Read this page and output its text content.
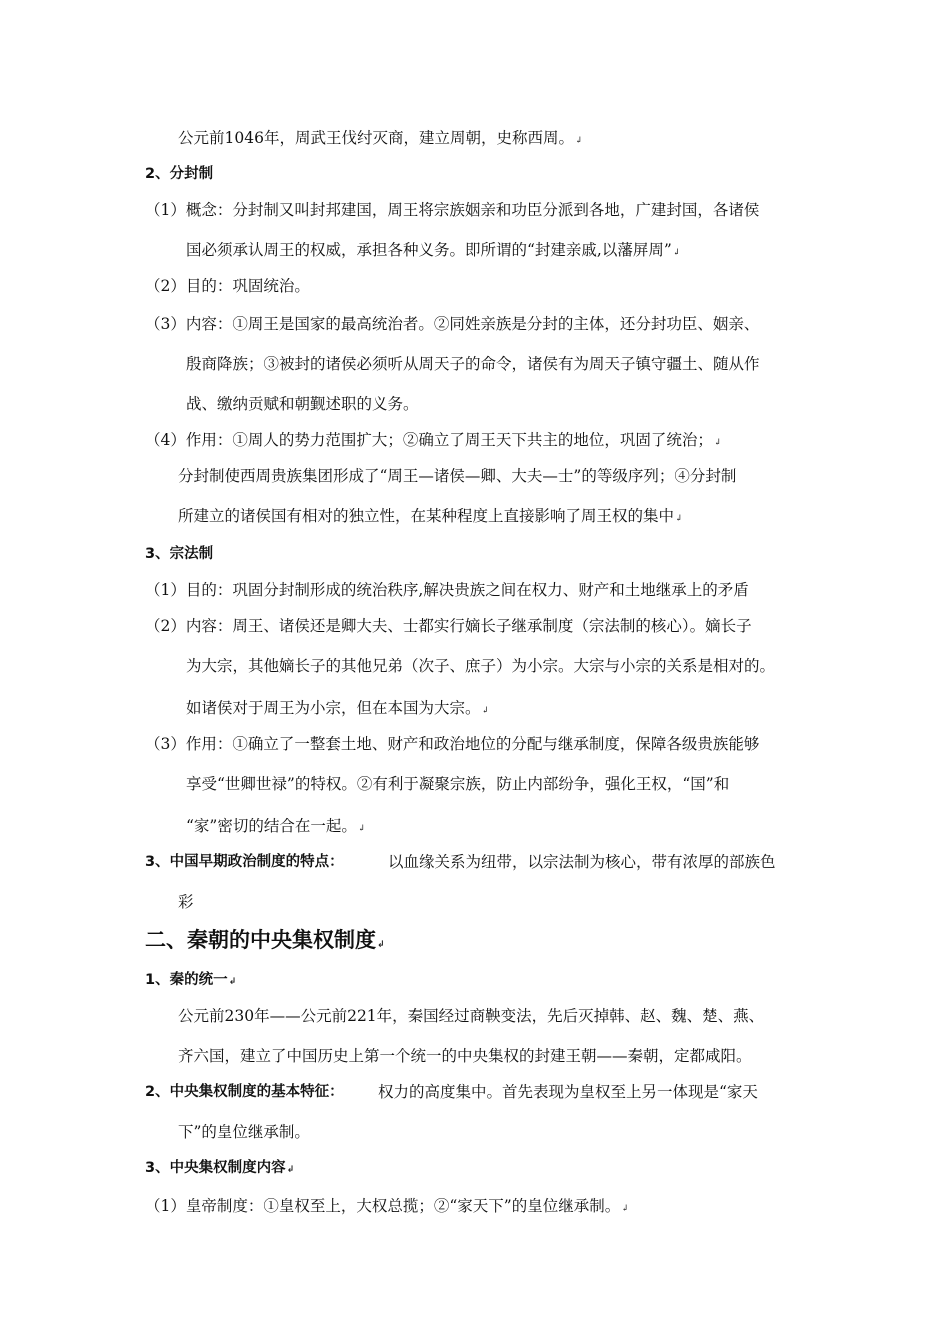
公元前1046年，周武王伐纣灭商，建立周朝，史称西周。↲
2、分封制
（1）概念：分封制又叫封邦建国，周王将宗族姻亲和功臣分派到各地，广建封国，各诸侯
国必须承认周王的权威，承担各种义务。即所谓的“封建亲戚,以藩屏周”↲
（2）目的：巩固统治。
（3）内容：①周王是国家的最高统治者。②同姓亲族是分封的主体，还分封功臣、姻亲、
殷商降族；③被封的诸侯必须听从周天子的命令，诸侯有为周天子镇守疆土、随从作
战、缴纳贡赋和朝觐述职的义务。
（4）作用：①周人的势力范围扩大；②确立了周王天下共主的地位，巩固了统治；↲
分封制使西周贵族集团形成了“周王—诸侯—卿、大夫—士”的等级序列；④分封制
所建立的诸侯国有相对的独立性，在某种程度上直接影响了周王权的集中↲
3、宗法制
（1）目的：巩固分封制形成的统治秩序,解决贵族之间在权力、财产和土地继承上的矛盾
（2）内容：周王、诸侯还是卿大夫、士都实行嫡长子继承制度（宗法制的核心）。嫡长子
为大宗，其他嫡长子的其他兄弟（次子、庶子）为小宗。大宗与小宗的关系是相对的。
如诸侯对于周王为小宗，但在本国为大宗。↲
（3）作用：①确立了一整套土地、财产和政治地位的分配与继承制度，保障各级贵族能够
享受“世卿世禄”的特权。②有利于凝聚宗族，防止内部纷争，强化王权，“国”和
“家”密切的结合在一起。↲
3、中国早期政治制度的特点：	以血缘关系为纽带，以宗法制为核心，带有浓厚的部族色
彩
二、秦朝的中央集权制度↲
1、秦的统一↲
公元前230年——公元前221年，秦国经过商鞅变法，先后灭掉韩、赵、魏、楚、燕、
齐六国，建立了中国历史上第一个统一的中央集权的封建王朝——秦朝，定都咸阳。
2、中央集权制度的基本特征： 权力的高度集中。首先表现为皇权至上另一体现是“家天
下”的皇位继承制。
3、中央集权制度内容↲
（1）皇帝制度：①皇权至上，大权总揽；②“家天下”的皇位继承制。↲
